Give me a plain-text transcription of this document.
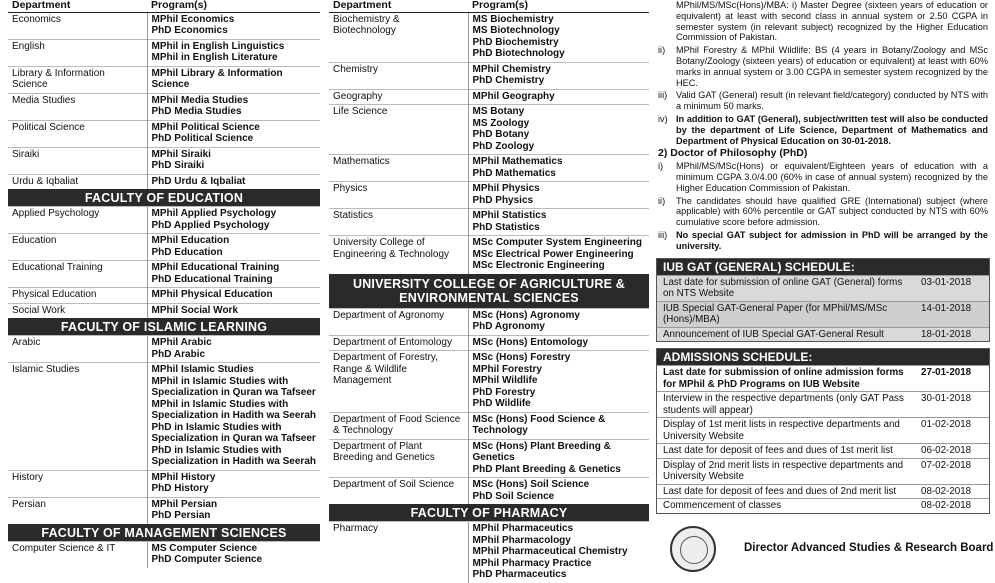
Department	Program(s)
Economics	MPhil Economics
PhD Economics

English	MPhil in English Linguistics
MPhil in English Literature

Library & Information Science	MPhil Library & Information Science

Media Studies	MPhil Media Studies
PhD Media Studies

Political Science	MPhil Political Science
PhD Political Science

Siraiki	MPhil Siraiki
PhD Siraiki

Urdu & Iqbaliat	PhD Urdu & Iqbaliat
FACULTY OF EDUCATION
Applied Psychology	MPhil Applied Psychology
PhD Applied Psychology

Education	MPhil Education
PhD Education

Educational Training	MPhil Educational Training
PhD Educational Training

Physical Education	MPhil Physical Education

Social Work	MPhil Social Work
FACULTY OF ISLAMIC LEARNING
Arabic	MPhil Arabic
PhD Arabic

Islamic Studies	MPhil Islamic Studies
MPhil in Islamic Studies with Specialization in Quran wa Tafseer
MPhil in Islamic Studies with Specialization in Hadith wa Seerah
PhD in Islamic Studies with Specialization in Quran wa Tafseer
PhD in Islamic Studies with Specialization in Hadith wa Seerah

History	MPhil History
PhD History

Persian	MPhil Persian
PhD Persian
FACULTY OF MANAGEMENT SCIENCES
Computer Science & IT	MS Computer Science
PhD Computer Science
Department	Program(s)
Biochemistry & Biotechnology	MS Biochemistry
MS Biotechnology
PhD Biochemistry
PhD Biotechnology

Chemistry	MPhil Chemistry
PhD Chemistry

Geography	MPhil Geography

Life Science	MS Botany
MS Zoology
PhD Botany
PhD Zoology

Mathematics	MPhil Mathematics
PhD Mathematics

Physics	MPhil Physics
PhD Physics

Statistics	MPhil Statistics
PhD Statistics

University College of Engineering & Technology	MSc Computer System Engineering
MSc Electrical Power Engineering
MSc Electronic Engineering
UNIVERSITY COLLEGE OF AGRICULTURE &
ENVIRONMENTAL SCIENCES
Department of Agronomy	MSc (Hons) Agronomy
PhD Agronomy

Department of Entomology	MSc (Hons) Entomology

Department of Forestry, Range & Wildlife Management	MSc (Hons) Forestry
MPhil Forestry
MPhil Wildlife
PhD Forestry
PhD Wildlife

Department of Food Science & Technology	MSc (Hons) Food Science & Technology

Department of Plant Breeding and Genetics	MSc (Hons) Plant Breeding & Genetics
PhD Plant Breeding & Genetics

Department of Soil Science	MSc (Hons) Soil Science
PhD Soil Science
FACULTY OF PHARMACY
Pharmacy	MPhil Pharmaceutics
MPhil Pharmacology
MPhil Pharmaceutical Chemistry
MPhil Pharmacy Practice
PhD Pharmaceutics

MPhil/MS/MSc(Hons)/MBA: i) Master Degree (sixteen years of education or equivalent) at least with second class in annual system or 2.50 CGPA in semester system (in relevant subject) recognized by the Higher Education Commission of Pakistan.

ii)	MPhil Forestry & MPhil Wildlife: BS (4 years in Botany/Zoology and MSc Botany/Zoology (sixteen years) of education or equivalent) at least with 60% marks in annual system or 3.00 CGPA in semester system recognized by the HEC.

iii) Valid GAT (General) result (in relevant field/category) conducted by NTS with a minimum 50 marks.

iv) In addition to GAT (General), subject/written test will also be conducted by the department of Life Science, Department of Mathematics and Department of Physical Education on 30-01-2018.

2) Doctor of Philosophy (PhD)

i)	MPhil/MS/MSc(Hons) or equivalent/Eighteen years of education with a minimum CGPA 3.0/4.00 (60% in case of annual system) recognized by the Higher Education Commission of Pakistan.

ii)	The candidates should have qualified GRE (International) subject (where applicable) with 60% percentile or GAT subject conducted by NTS with 60% cumulative score before admission.

iii) No special GAT subject for admission in PhD will be arranged by the university.

IUB GAT (GENERAL) SCHEDULE:
Last date for submission of online GAT (General) forms on NTS Website
03-01-2018
IUB Special GAT-General Paper (for MPhil/MS/MSc (Hons)/MBA)
14-01-2018
Announcement of IUB Special GAT-General Result	18-01-2018
ADMISSIONS SCHEDULE:
Last date for submission of online admission forms for MPhil & PhD Programs on IUB Website
27-01-2018
Interview in the respective departments (only GAT Pass students will appear)
30-01-2018
Display of 1st merit lists in respective departments and University Website
01-02-2018
Last date for deposit of fees and dues of 1st merit list	06-02-2018
Display of 2nd merit lists in respective departments and University Website
07-02-2018
Last date for deposit of fees and dues of 2nd merit list	08-02-2018
Commencement of classes	08-02-2018
Director Advanced Studies & Research Board
